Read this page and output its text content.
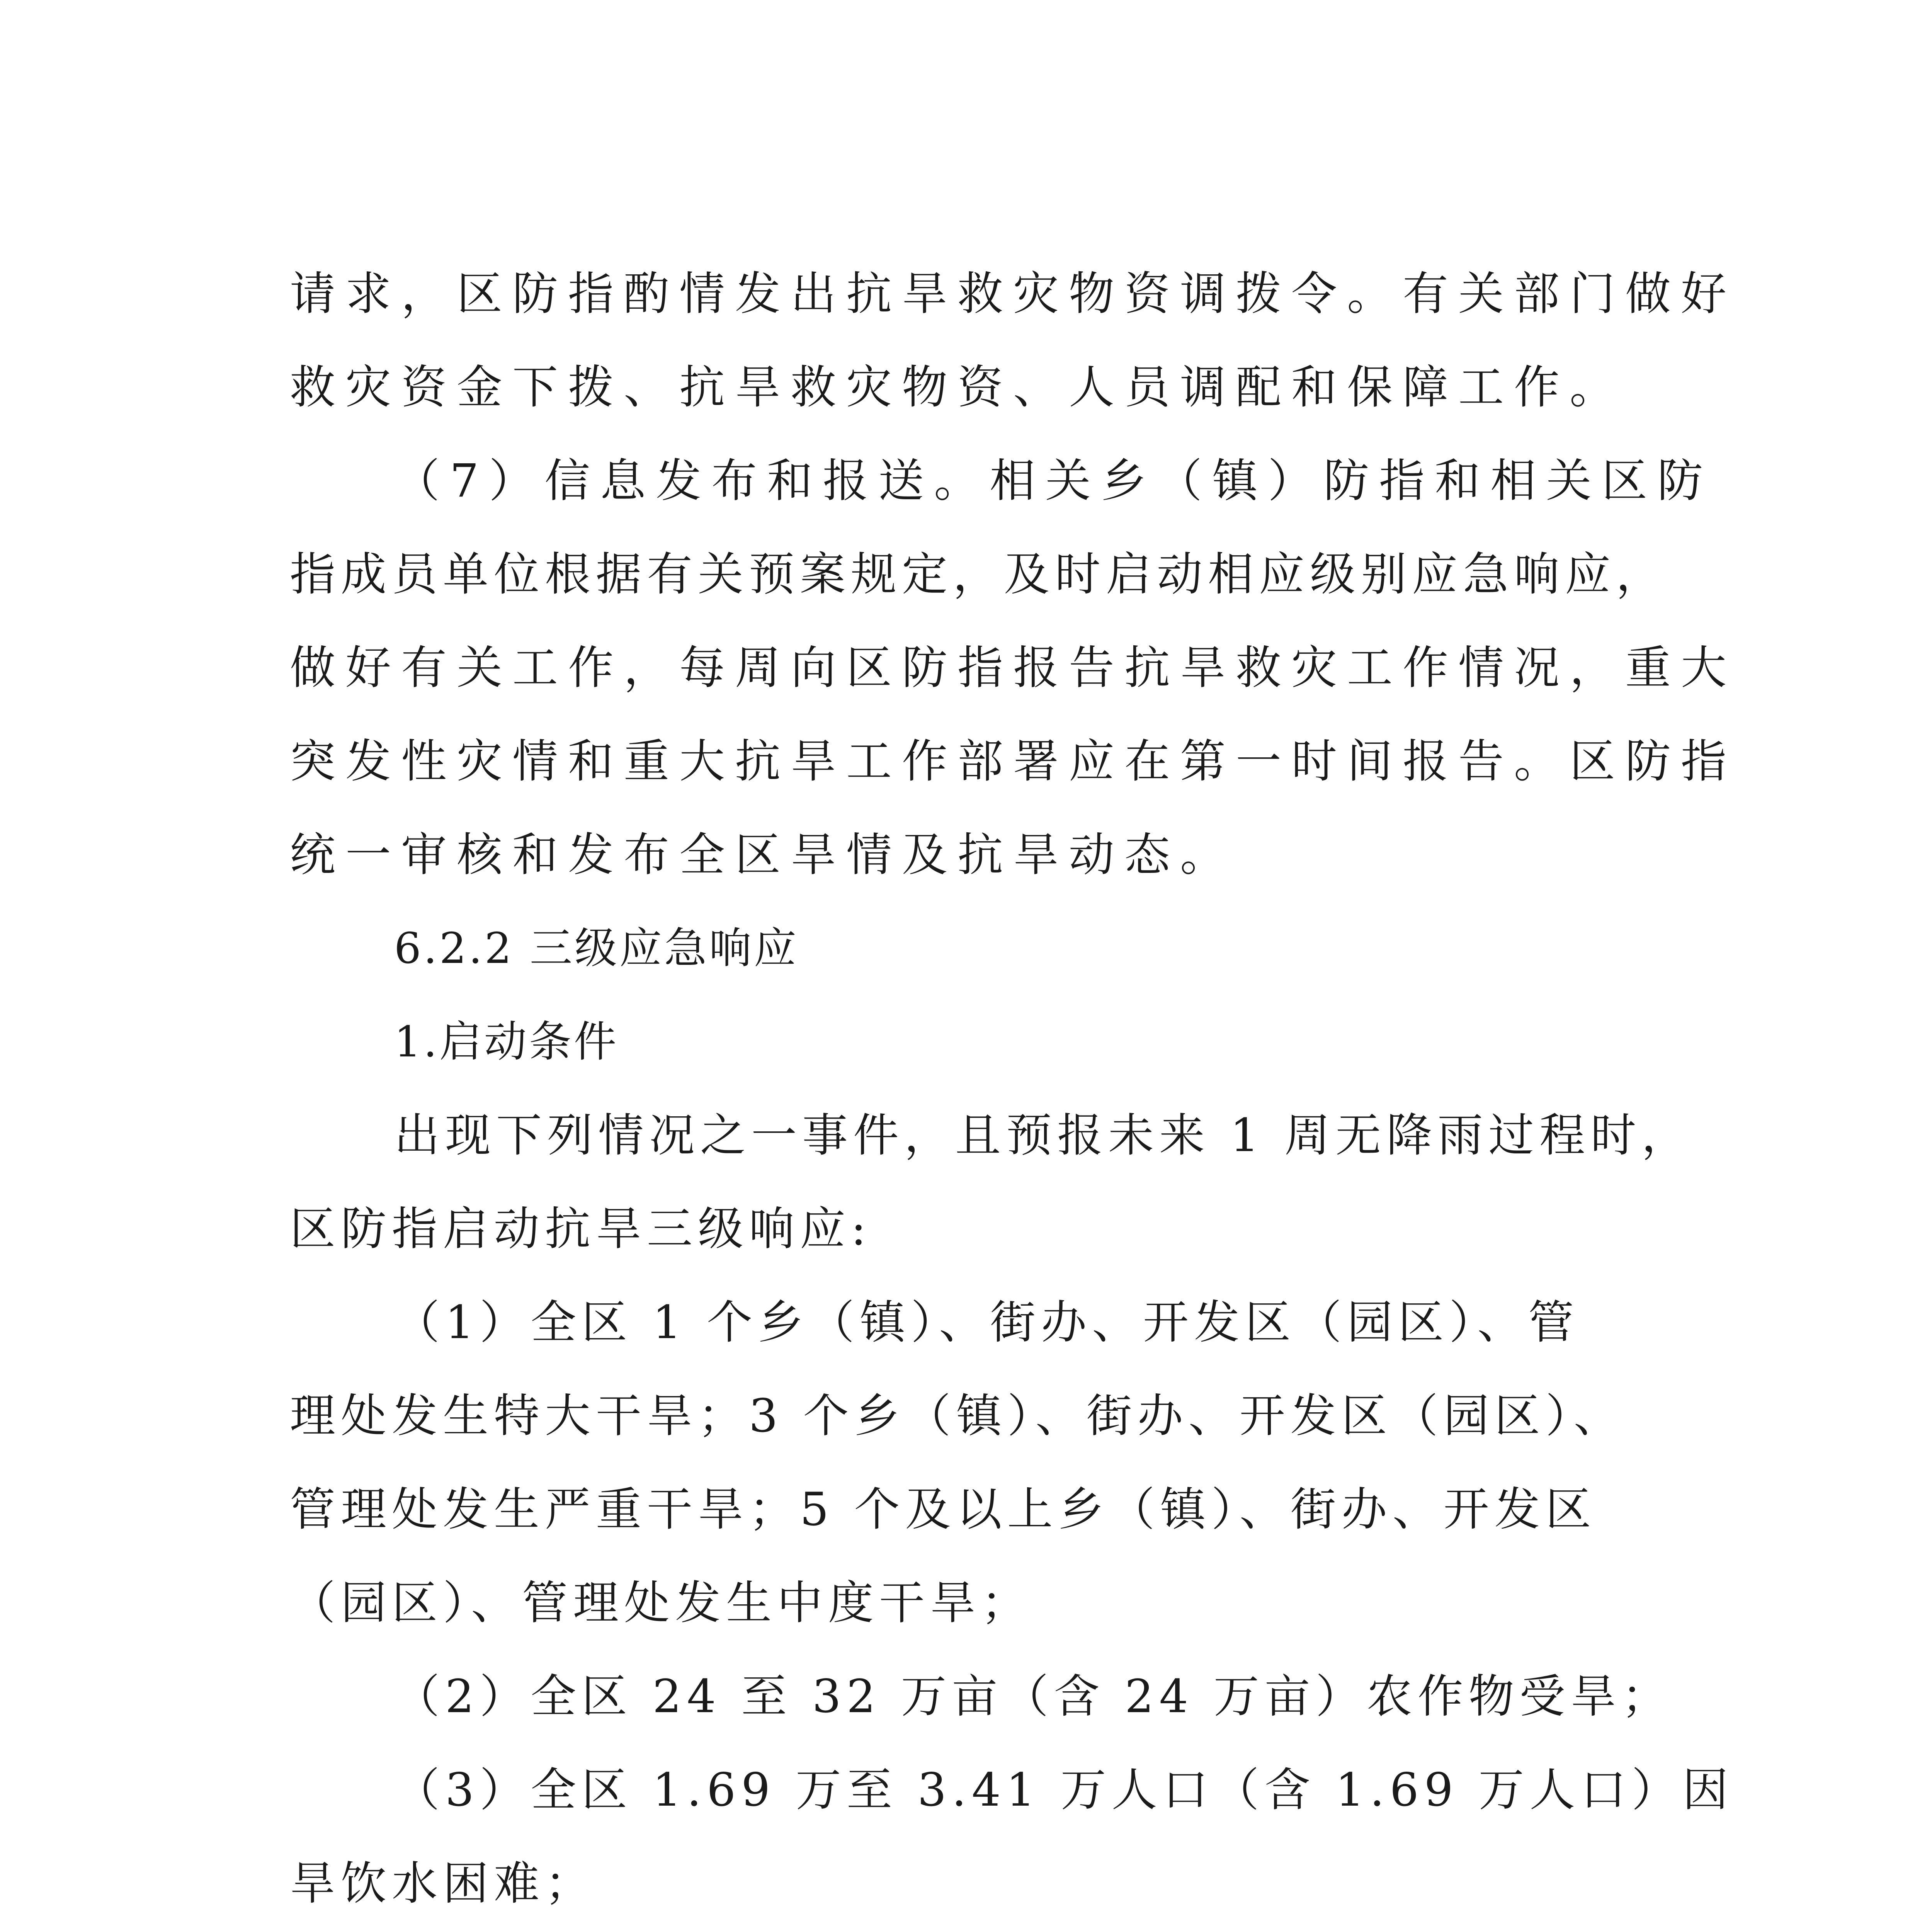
请求，区防指酌情发出抗旱救灾物资调拨令。有关部门做好
救灾资金下拨、抗旱救灾物资、人员调配和保障工作。
（7）信息发布和报送。相关乡（镇）防指和相关区防
指成员单位根据有关预案规定，及时启动相应级别应急响应，
做好有关工作，每周向区防指报告抗旱救灾工作情况，重大
突发性灾情和重大抗旱工作部署应在第一时间报告。区防指
统一审核和发布全区旱情及抗旱动态。
6.2.2 三级应急响应
1.启动条件
出现下列情况之一事件，且预报未来 1 周无降雨过程时，
区防指启动抗旱三级响应:
（1）全区 1 个乡（镇）、街办、开发区（园区）、管
理处发生特大干旱；3 个乡（镇）、街办、开发区（园区）、
管理处发生严重干旱；5 个及以上乡（镇）、街办、开发区
（园区）、管理处发生中度干旱；
（2）全区 24 至 32 万亩（含 24 万亩）农作物受旱；
（3）全区 1.69 万至 3.41 万人口（含 1.69 万人口）因
旱饮水困难；
